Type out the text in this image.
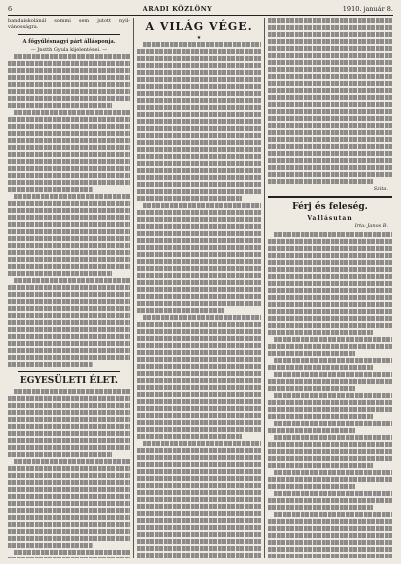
6	ARADI KÖZLÖNY	1910. január 8.
bandaiskolánál sommi sem jutott nyil-vánosságra.
A főgyűlésnagyi párt állásponja.
— Jnstth Gyula kijelentései. —
EGYESÜLETI ÉLET.
A VILÁG VÉGE.
★
Szita.
Férj és feleség.
Vallásutan
Irta: Janos B.
